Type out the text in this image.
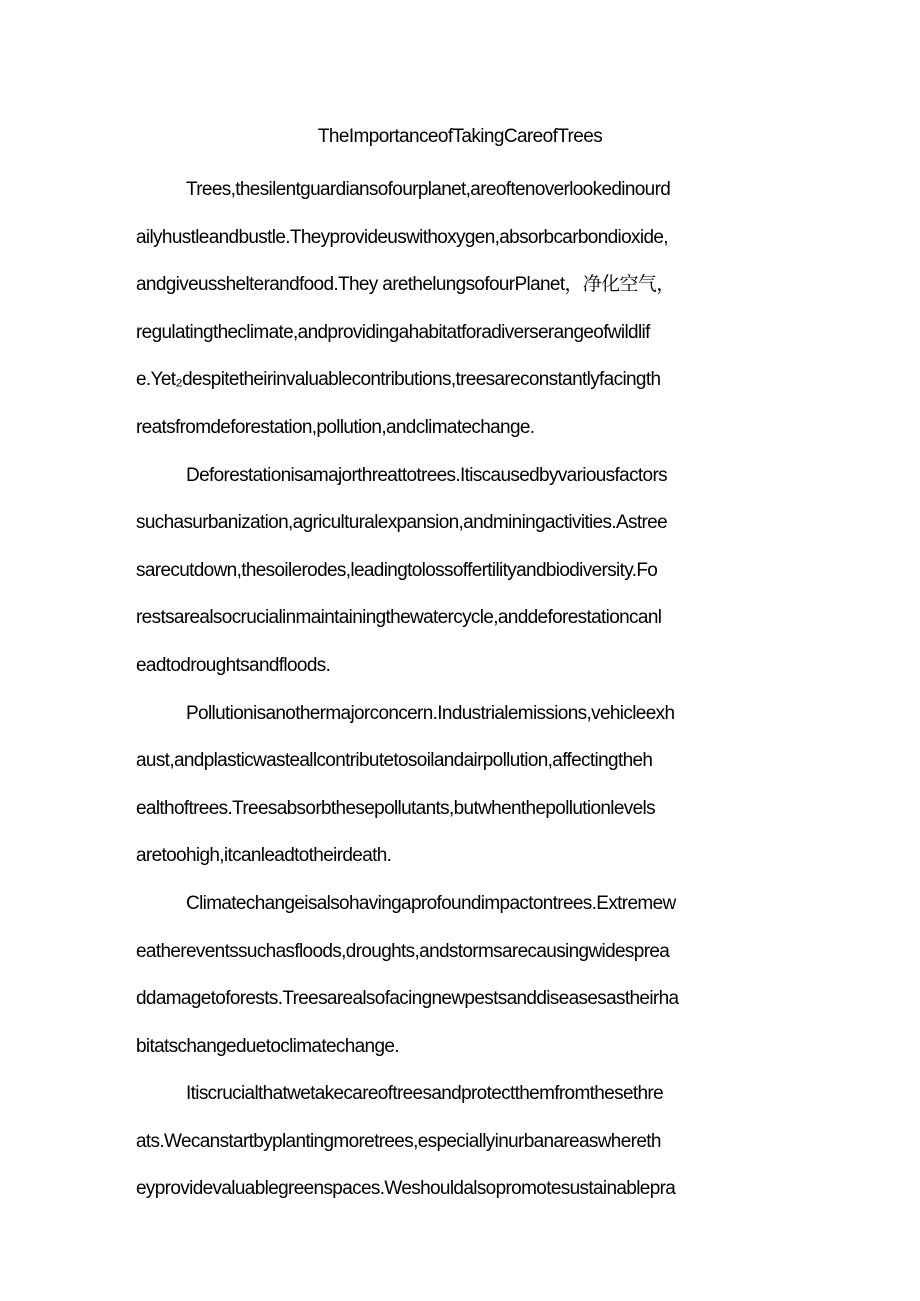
TheImportanceofTakingCareofTrees
Trees,thesilentguardiansofourplanet,areoftenoverlookedinourd
ailyhustleandbustle.Theyprovideuswithoxygen,absorbcarbondioxide,
andgiveusshelterandfood.They arethelungsofourPlanet，净化空气，
regulatingtheclimate,andprovidingahabitatforadiverserangeofwildlif
e.Yet₂despitetheirinvaluablecontributions,treesareconstantlyfacingth
reatsfromdeforestation,pollution,andclimatechange.
Deforestationisamajorthreattotrees.Itiscausedbyvariousfactors
suchasurbanization,agriculturalexpansion,andminingactivities.Astree
sarecutdown,thesoilerodes,leadingtolossoffertilityandbiodiversity.Fo
restsarealsocrucialinmaintainingthewatercycle,anddeforestationcanl
eadtodroughtsandfloods.
Pollutionisanothermajorconcern.Industrialemissions,vehicleexh
aust,andplasticwasteallcontributetosoilandairpollution,affectingtheh
ealthoftrees.Treesabsorbthesepollutants,butwhenthepollutionlevels
aretoohigh,itcanleadtotheirdeath.
Climatechangeisalsohavingaprofoundimpactontrees.Extremew
eathereventssuchasfloods,droughts,andstormsarecausingwidesprea
ddamagetoforests.Treesarealsofacingnewpestsanddiseasesastheirha
bitatschangeduetoclimatechange.
Itiscrucialthatwetakecareoftreesandprotectthemfromthesethre
ats.Wecanstartbyplantingmoretrees,especiallyinurbanareaswhereth
eyprovidevaluablegreenspaces.Weshouldalsopromotesustainablepra
